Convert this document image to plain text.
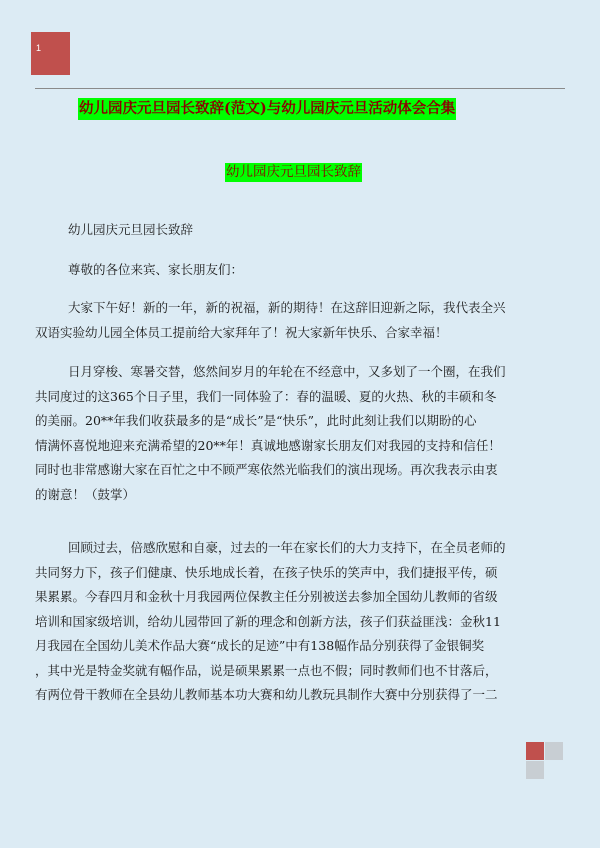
1
幼儿园庆元旦园长致辞(范文)与幼儿园庆元旦活动体会合集
幼儿园庆元旦园长致辞
幼儿园庆元旦园长致辞
尊敬的各位来宾、家长朋友们：
大家下午好！新的一年，新的祝福，新的期待！在这辞旧迎新之际，我代表全兴
双语实验幼儿园全体员工提前给大家拜年了！祝大家新年快乐、合家幸福！
日月穿梭、寒暑交替，悠然间岁月的年轮在不经意中，又多划了一个圈，在我们
共同度过的这365个日子里，我们一同体验了：春的温暖、夏的火热、秋的丰硕和冬
的美丽。20**年我们收获最多的是“成长”是“快乐”，此时此刻让我们以期盼的心
情满怀喜悦地迎来充满希望的20**年！真诚地感谢家长朋友们对我园的支持和信任！
同时也非常感谢大家在百忙之中不顾严寒依然光临我们的演出现场。再次我表示由衷
的谢意！（鼓掌）
回顾过去，倍感欣慰和自豪，过去的一年在家长们的大力支持下，在全员老师的
共同努力下，孩子们健康、快乐地成长着，在孩子快乐的笑声中，我们捷报平传，硕
果累累。今春四月和金秋十月我园两位保教主任分别被送去参加全国幼儿教师的省级
培训和国家级培训，给幼儿园带回了新的理念和创新方法，孩子们获益匪浅：金秋11
月我园在全国幼儿美术作品大赛“成长的足迹”中有138幅作品分别获得了金银铜奖
，其中光是特金奖就有幅作品，说是硕果累累一点也不假；同时教师们也不甘落后，
有两位骨干教师在全县幼儿教师基本功大赛和幼儿教玩具制作大赛中分别获得了一二
